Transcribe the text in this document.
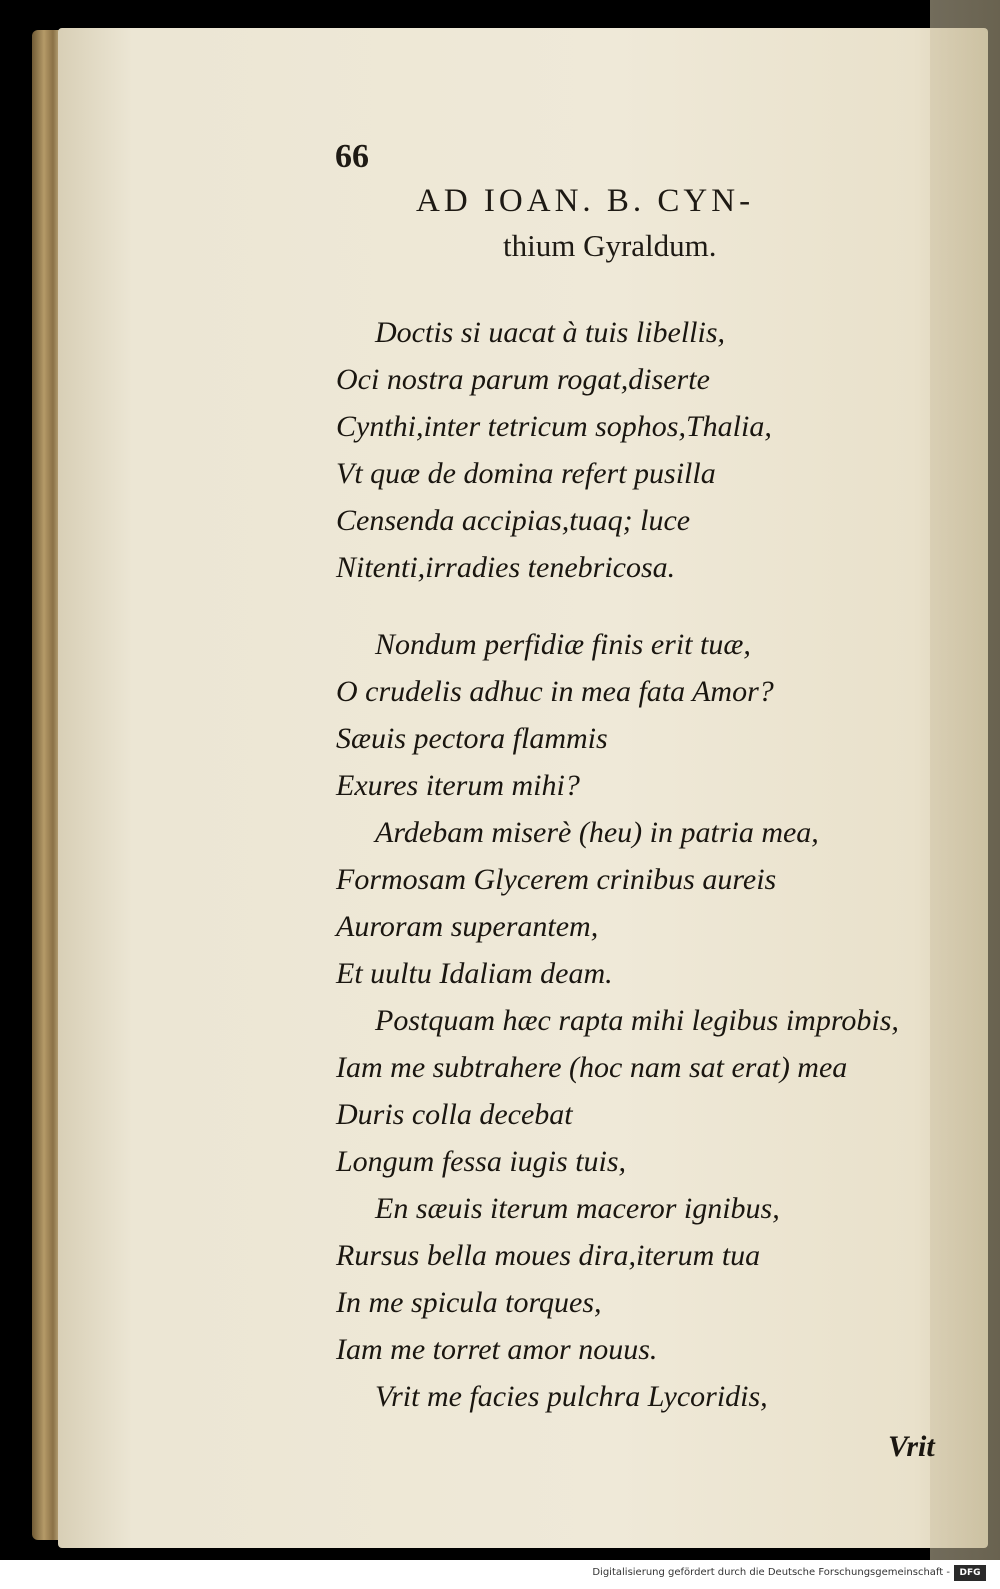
66
AD IOAN. B. CYN-
thium Gyraldum.
Doctis si uacat à tuis libellis,
Oci nostra parum rogat,diserte
Cynthi,inter tetricum sophos,Thalia,
Vt quæ de domina refert pusilla
Censenda accipias,tuaq; luce
Nitenti,irradies tenebricosa.
Nondum perfidiæ finis erit tuæ,
O crudelis adhuc in mea fata Amor?
Sæuis pectora flammis
Exures iterum mihi?
Ardebam miserè (heu) in patria mea,
Formosam Glycerem crinibus aureis
Auroram superantem,
Et uultu Idaliam deam.
Postquam hæc rapta mihi legibus improbis,
Iam me subtrahere (hoc nam sat erat) mea
Duris colla decebat
Longum fessa iugis tuis,
En sæuis iterum maceror ignibus,
Rursus bella moues dira,iterum tua
In me spicula torques,
Iam me torret amor nouus.
Vrit me facies pulchra Lycoridis,
Vrit
Digitalisierung gefördert durch die Deutsche Forschungsgemeinschaft -	DFG
